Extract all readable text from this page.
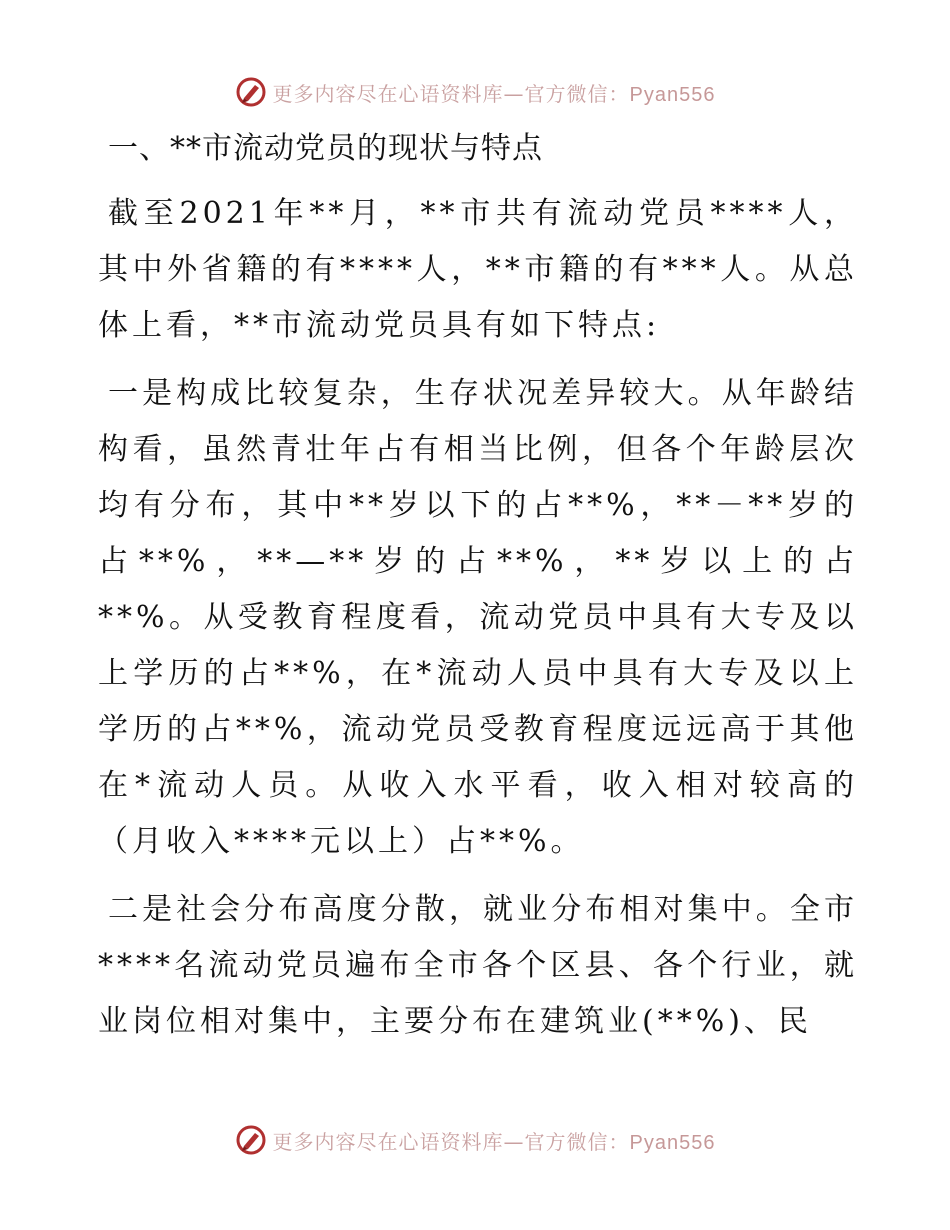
更多内容尽在心语资料库—官方微信：Pyan556
一、**市流动党员的现状与特点

截至2021年**月，**市共有流动党员****人，其中外省籍的有****人，**市籍的有***人。从总体上看，**市流动党员具有如下特点:

一是构成比较复杂，生存状况差异较大。从年龄结构看，虽然青壮年占有相当比例，但各个年龄层次均有分布，其中**岁以下的占**%，**－**岁的占**%，**—**岁的占**%，**岁以上的占**%。从受教育程度看，流动党员中具有大专及以上学历的占**%，在*流动人员中具有大专及以上学历的占**%，流动党员受教育程度远远高于其他在*流动人员。从收入水平看，收入相对较高的（月收入****元以上）占**%。

二是社会分布高度分散，就业分布相对集中。全市****名流动党员遍布全市各个区县、各个行业，就业岗位相对集中，主要分布在建筑业(**%)、民

更多内容尽在心语资料库—官方微信：Pyan556
